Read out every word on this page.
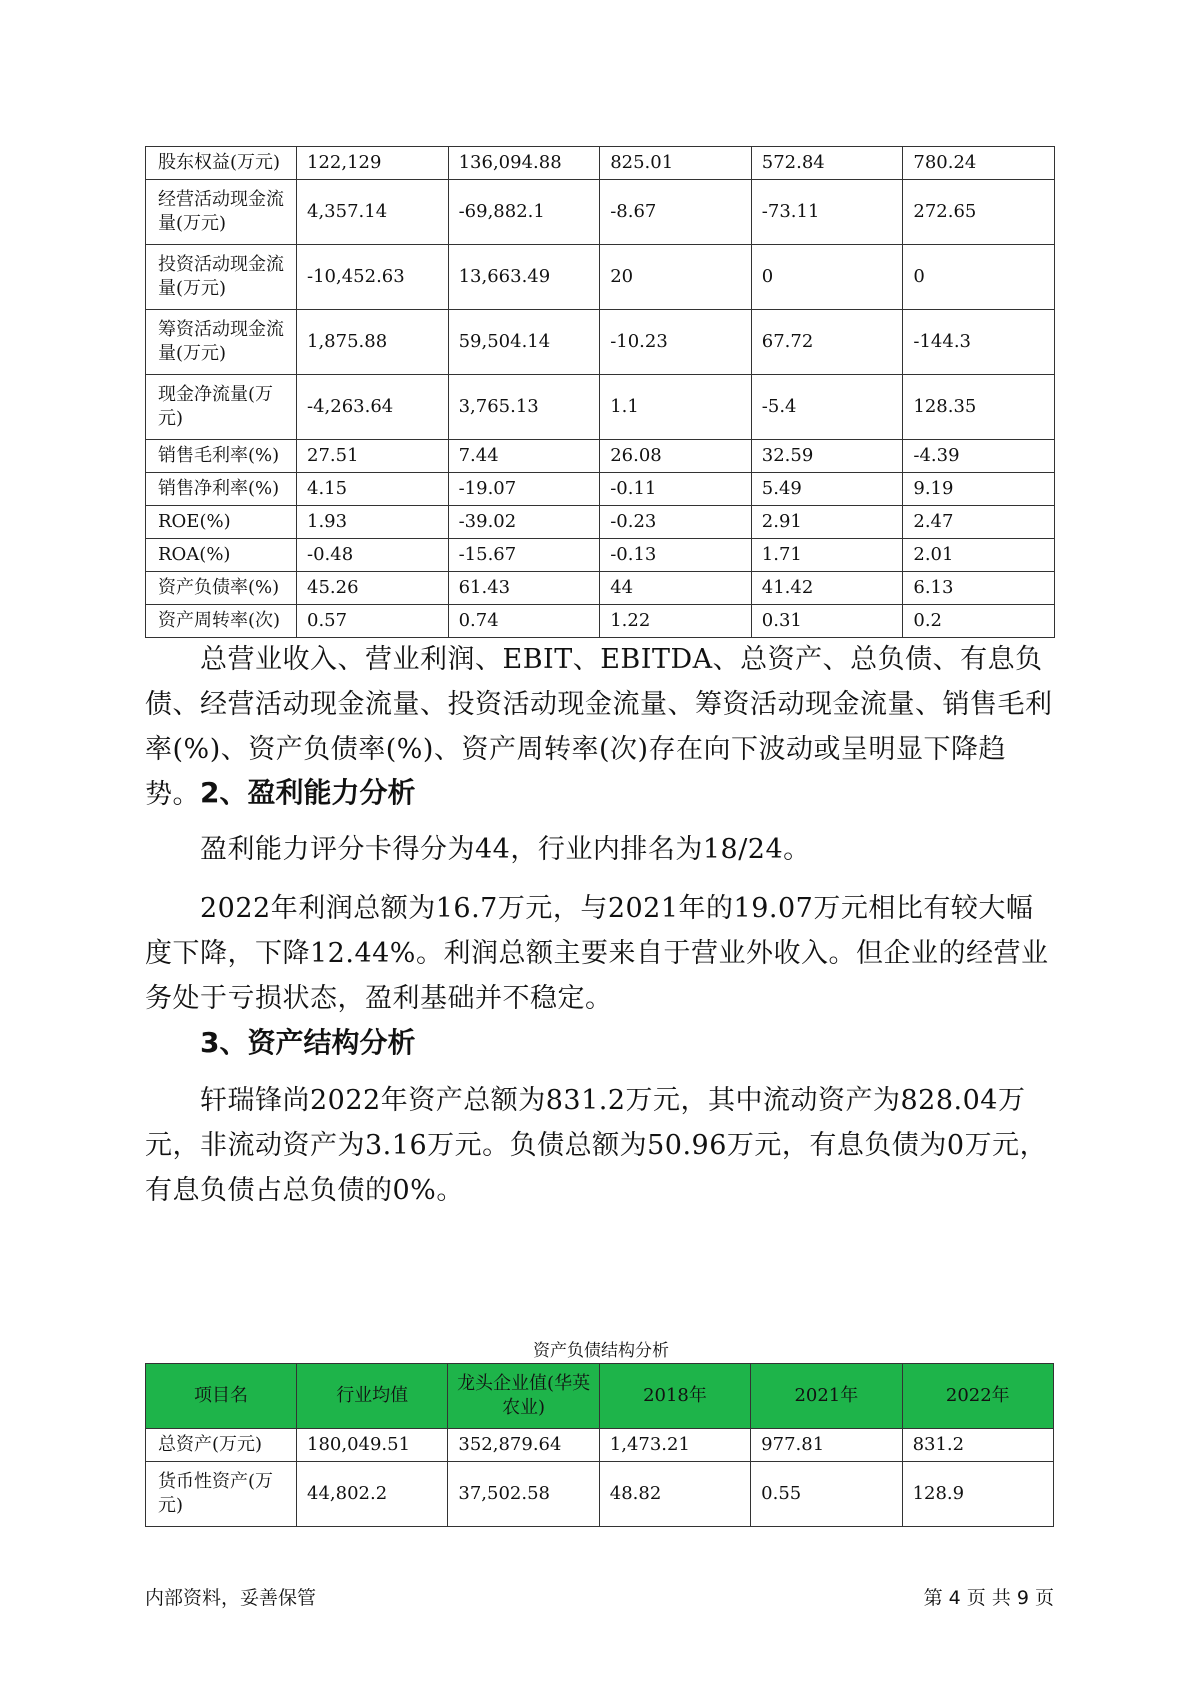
股东权益(万元)	122,129	136,094.88	825.01	572.84	780.24
经营活动现金流量(万元)	4,357.14	-69,882.1	-8.67	-73.11	272.65
投资活动现金流量(万元)	-10,452.63	13,663.49	20	0	0
筹资活动现金流量(万元)	1,875.88	59,504.14	-10.23	67.72	-144.3
现金净流量(万元)	-4,263.64	3,765.13	1.1	-5.4	128.35
销售毛利率(%)	27.51	7.44	26.08	32.59	-4.39
销售净利率(%)	4.15	-19.07	-0.11	5.49	9.19
ROE(%)	1.93	-39.02	-0.23	2.91	2.47
ROA(%)	-0.48	-15.67	-0.13	1.71	2.01
资产负债率(%)	45.26	61.43	44	41.42	6.13
资产周转率(次)	0.57	0.74	1.22	0.31	0.2

总营业收入、营业利润、EBIT、EBITDA、总资产、总负债、有息负债、经营活动现金流量、投资活动现金流量、筹资活动现金流量、销售毛利率(%)、资产负债率(%)、资产周转率(次)存在向下波动或呈明显下降趋势。 2、盈利能力分析

盈利能力评分卡得分为44，行业内排名为18/24。

2022年利润总额为16.7万元，与2021年的19.07万元相比有较大幅度下降，下降12.44%。利润总额主要来自于营业外收入。但企业的经营业务处于亏损状态，盈利基础并不稳定。

3、资产结构分析

轩瑞锋尚2022年资产总额为831.2万元，其中流动资产为828.04万元，非流动资产为3.16万元。负债总额为50.96万元，有息负债为0万元，有息负债占总负债的0%。

资产负债结构分析
项目名	行业均值	龙头企业值(华英农业)	2018年	2021年	2022年
总资产(万元)	180,049.51	352,879.64	1,473.21	977.81	831.2
货币性资产(万元)	44,802.2	37,502.58	48.82	0.55	128.9
内部资料，妥善保管	第 4 页 共 9 页
